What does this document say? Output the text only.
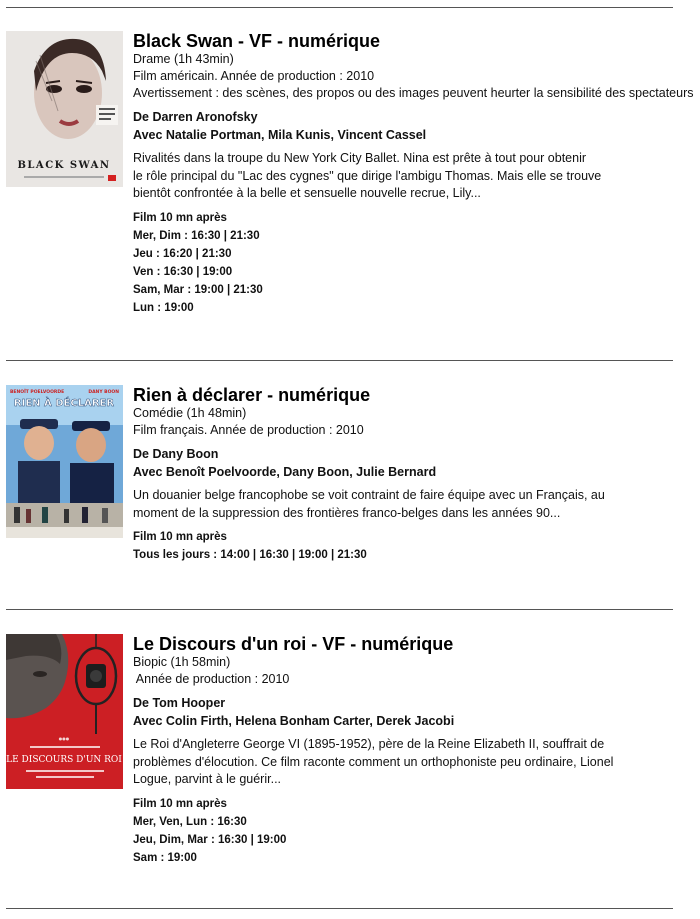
BLACK SWAN
Black Swan - VF - numérique
Drame (1h 43min)
Film américain. Année de production : 2010
Avertissement : des scènes, des propos ou des images peuvent heurter la sensibilité des spectateurs
De Darren Aronofsky
Avec Natalie Portman, Mila Kunis, Vincent Cassel
Rivalités dans la troupe du New York City Ballet. Nina est prête à tout pour obtenir
le rôle principal du "Lac des cygnes" que dirige l'ambigu Thomas. Mais elle se trouve
bientôt confrontée à la belle et sensuelle nouvelle recrue, Lily...
Film 10 mn après
Mer, Dim : 16:30 | 21:30
Jeu : 16:20 | 21:30
Ven : 16:30 | 19:00
Sam, Mar : 19:00 | 21:30
Lun : 19:00
BENOÎT POELVOORDE	DANY BOON
RIEN À DÉCLARER Rien à déclarer - numérique
Comédie (1h 48min)
Film français. Année de production : 2010
De Dany Boon
Avec Benoît Poelvoorde, Dany Boon, Julie Bernard
Un douanier belge francophobe se voit contraint de faire équipe avec un Français, au
moment de la suppression des frontières franco-belges dans les années 90...
Film 10 mn après
Tous les jours : 14:00 | 16:30 | 19:00 | 21:30
●●●
LE DISCOURS D'UN ROI
Le Discours d'un roi - VF - numérique
Biopic (1h 58min)
Année de production : 2010
De Tom Hooper
Avec Colin Firth, Helena Bonham Carter, Derek Jacobi
Le Roi d'Angleterre George VI (1895-1952), père de la Reine Elizabeth II, souffrait de
problèmes d'élocution. Ce film raconte comment un orthophoniste peu ordinaire, Lionel
Logue, parvint à le guérir...
Film 10 mn après
Mer, Ven, Lun : 16:30
Jeu, Dim, Mar : 16:30 | 19:00
Sam : 19:00
